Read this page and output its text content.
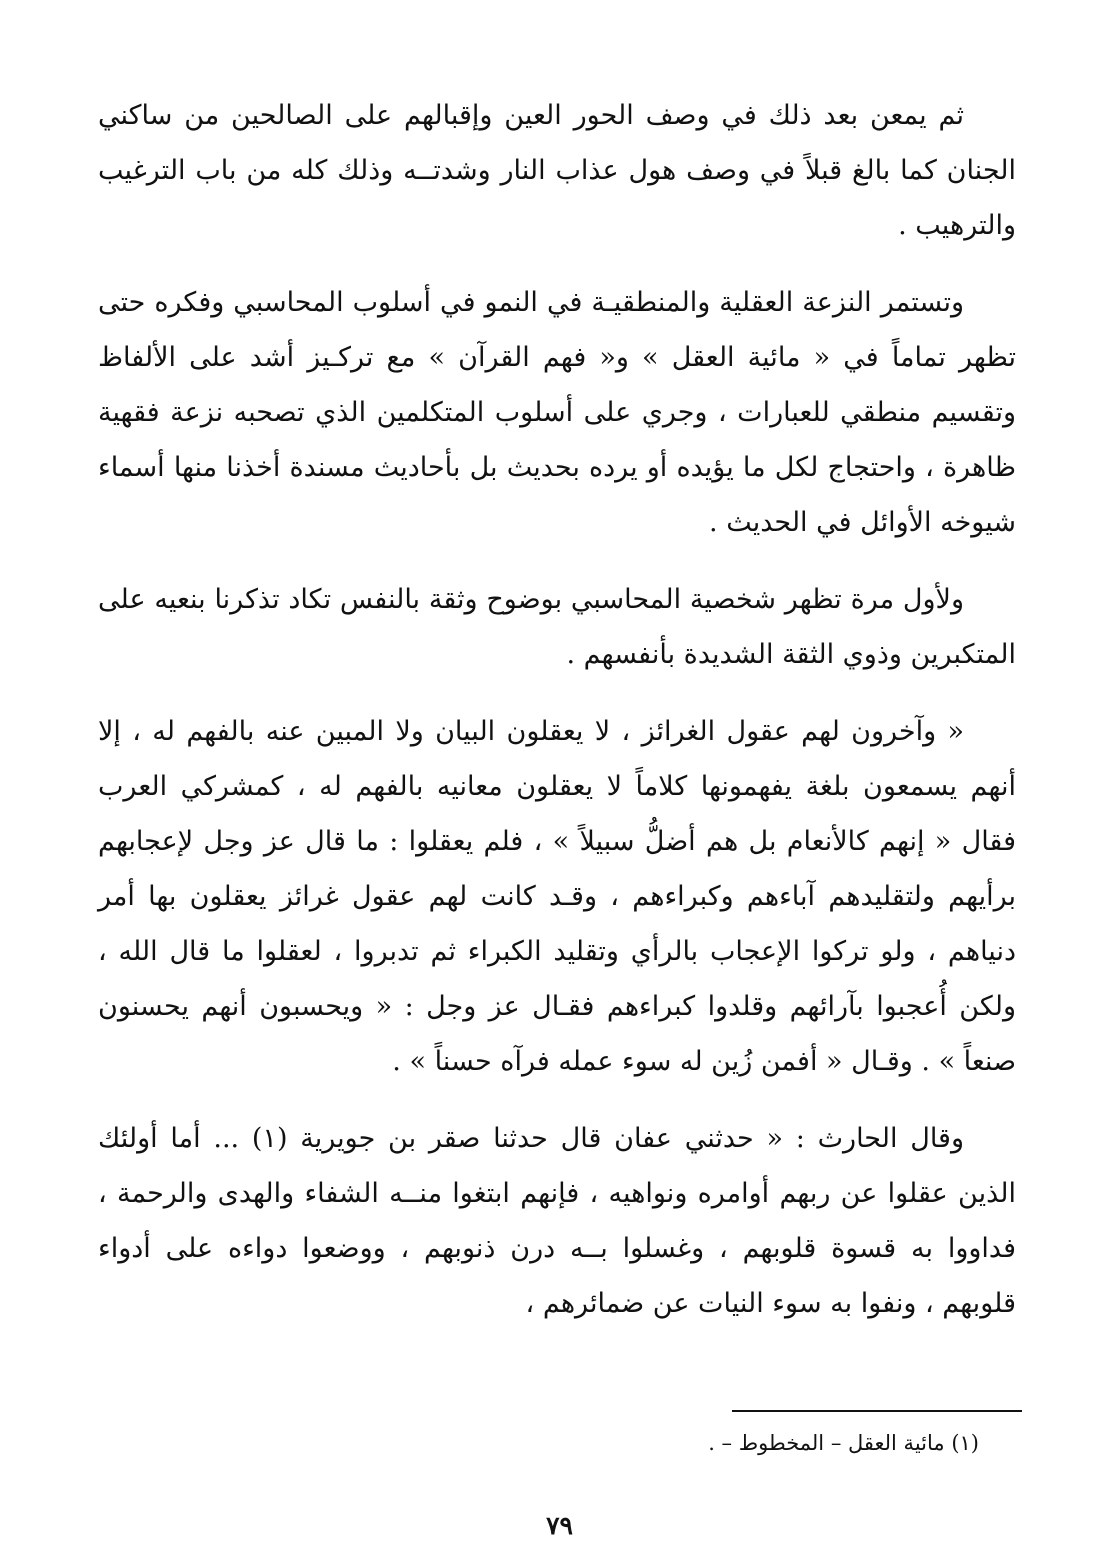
ثم يمعن بعد ذلك في وصف الحور العين وإقبالهم على الصالحين من ساكني الجنان كما بالغ قبلاً في وصف هول عذاب النار وشدتــه وذلك كله من باب الترغيب والترهيب .

وتستمر النزعة العقلية والمنطقيـة في النمو في أسلوب المحاسبي وفكره حتى تظهر تماماً في « مائية العقل » و« فهم القرآن » مع تركـيز أشد على الألفاظ وتقسيم منطقي للعبارات ، وجري على أسلوب المتكلمين الذي تصحبه نزعة فقهية ظاهرة ، واحتجاج لكل ما يؤيده أو يرده بحديث بل بأحاديث مسندة أخذنا منها أسماء شيوخه الأوائل في الحديث .

ولأول مرة تظهر شخصية المحاسبي بوضوح وثقة بالنفس تكاد تذكرنا بنعيه على المتكبرين وذوي الثقة الشديدة بأنفسهم .

« وآخرون لهم عقول الغرائز ، لا يعقلون البيان ولا المبين عنه بالفهم له ، إلا أنهم يسمعون بلغة يفهمونها كلاماً لا يعقلون معانيه بالفهم له ، كمشركي العرب فقال « إنهم كالأنعام بل هم أضلُّ سبيلاً » ، فلم يعقلوا : ما قال عز وجل لإعجابهم برأيهم ولتقليدهم آباءهم وكبراءهم ، وقـد كانت لهم عقول غرائز يعقلون بها أمر دنياهم ، ولو تركوا الإعجاب بالرأي وتقليد الكبراء ثم تدبروا ، لعقلوا ما قال الله ، ولكن أُعجبوا بآرائهم وقلدوا كبراءهم فقـال عز وجل : « ويحسبون أنهم يحسنون صنعاً » . وقـال « أفمن زُين له سوء عمله فرآه حسناً » .

وقال الحارث : « حدثني عفان قال حدثنا صقر بن جويرية (١) ... أما أولئك الذين عقلوا عن ربهم أوامره ونواهيه ، فإنهم ابتغوا منــه الشفاء والهدى والرحمة ، فداووا به قسوة قلوبهم ، وغسلوا بــه درن ذنوبهم ، ووضعوا دواءه على أدواء قلوبهم ، ونفوا به سوء النيات عن ضمائرهم ،

(١) مائية العقل – المخطوط – .
٧٩
